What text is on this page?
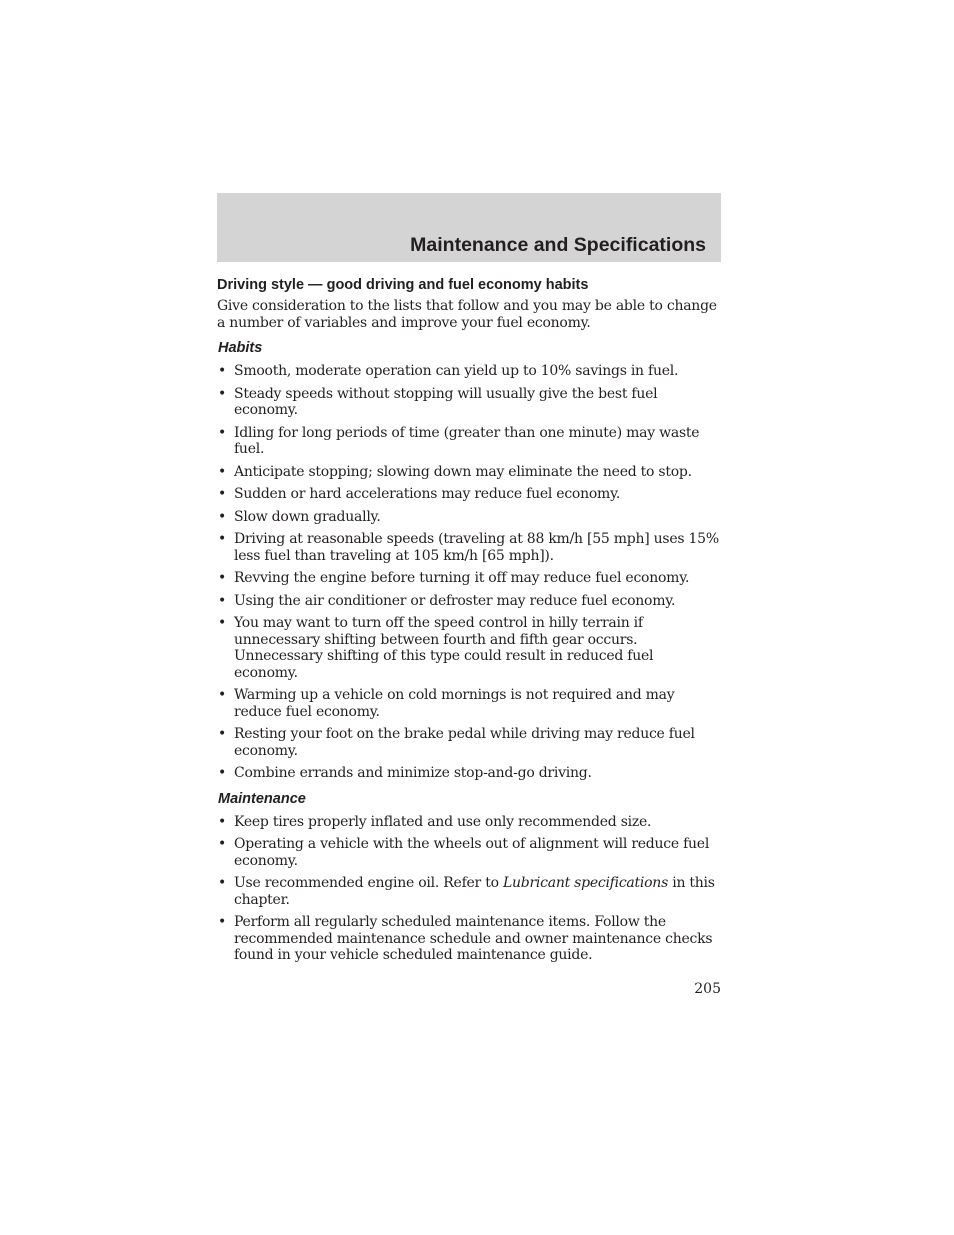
Maintenance and Specifications
Driving style — good driving and fuel economy habits

Give consideration to the lists that follow and you may be able to change a number of variables and improve your fuel economy.

Habits
• Smooth, moderate operation can yield up to 10% savings in fuel.
• Steady speeds without stopping will usually give the best fuel economy.
• Idling for long periods of time (greater than one minute) may waste fuel.
• Anticipate stopping; slowing down may eliminate the need to stop.
• Sudden or hard accelerations may reduce fuel economy.
• Slow down gradually.
• Driving at reasonable speeds (traveling at 88 km/h [55 mph] uses 15% less fuel than traveling at 105 km/h [65 mph]).
• Revving the engine before turning it off may reduce fuel economy.
• Using the air conditioner or defroster may reduce fuel economy.
• You may want to turn off the speed control in hilly terrain if unnecessary shifting between fourth and fifth gear occurs. Unnecessary shifting of this type could result in reduced fuel economy.
• Warming up a vehicle on cold mornings is not required and may reduce fuel economy.
• Resting your foot on the brake pedal while driving may reduce fuel economy.
• Combine errands and minimize stop-and-go driving.
Maintenance
• Keep tires properly inflated and use only recommended size.
• Operating a vehicle with the wheels out of alignment will reduce fuel economy.
• Use recommended engine oil. Refer to Lubricant specifications in this chapter.
• Perform all regularly scheduled maintenance items. Follow the recommended maintenance schedule and owner maintenance checks found in your vehicle scheduled maintenance guide.
205
